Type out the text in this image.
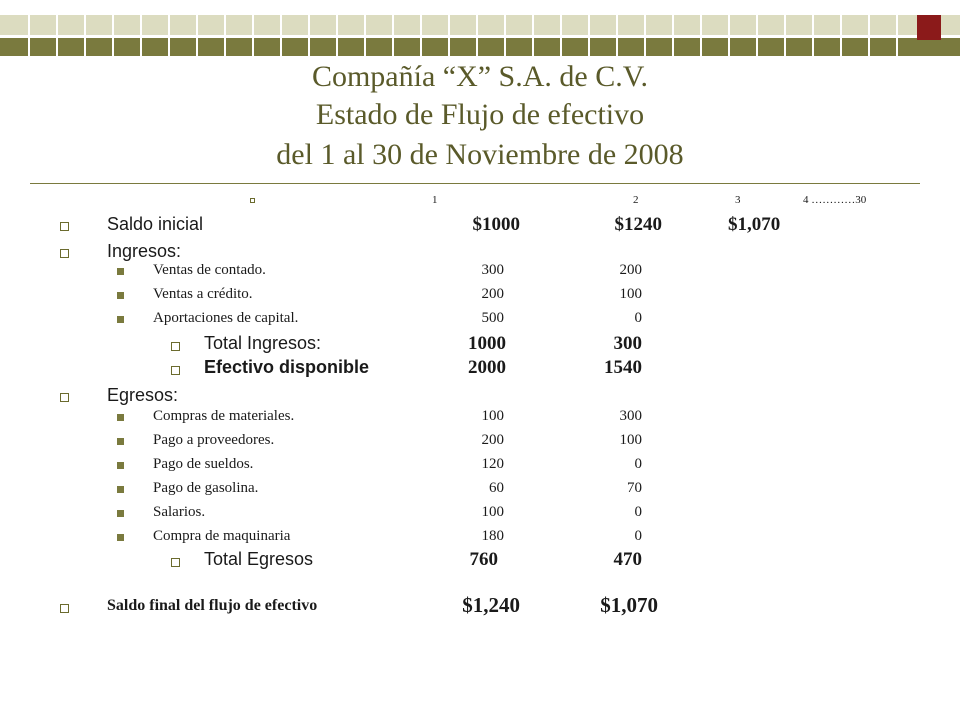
Compañía “X” S.A. de C.V.
Estado de Flujo de efectivo
del 1 al 30 de Noviembre de 2008
1	2	3	4 …………30
Saldo inicial	$1000	$1240	$1,070
Ingresos:
Ventas de contado.	300	200
Ventas a crédito.	200	100
Aportaciones de capital.	500	0
Total Ingresos:	1000	300
Efectivo disponible	2000	1540
Egresos:
Compras de materiales.	100	300
Pago a proveedores.	200	100
Pago de sueldos.	120	0
Pago de gasolina.	60	70
Salarios.	100	0
Compra de maquinaria	180	0
Total Egresos	760	470
Saldo final del flujo de efectivo	$1,240	$1,070
